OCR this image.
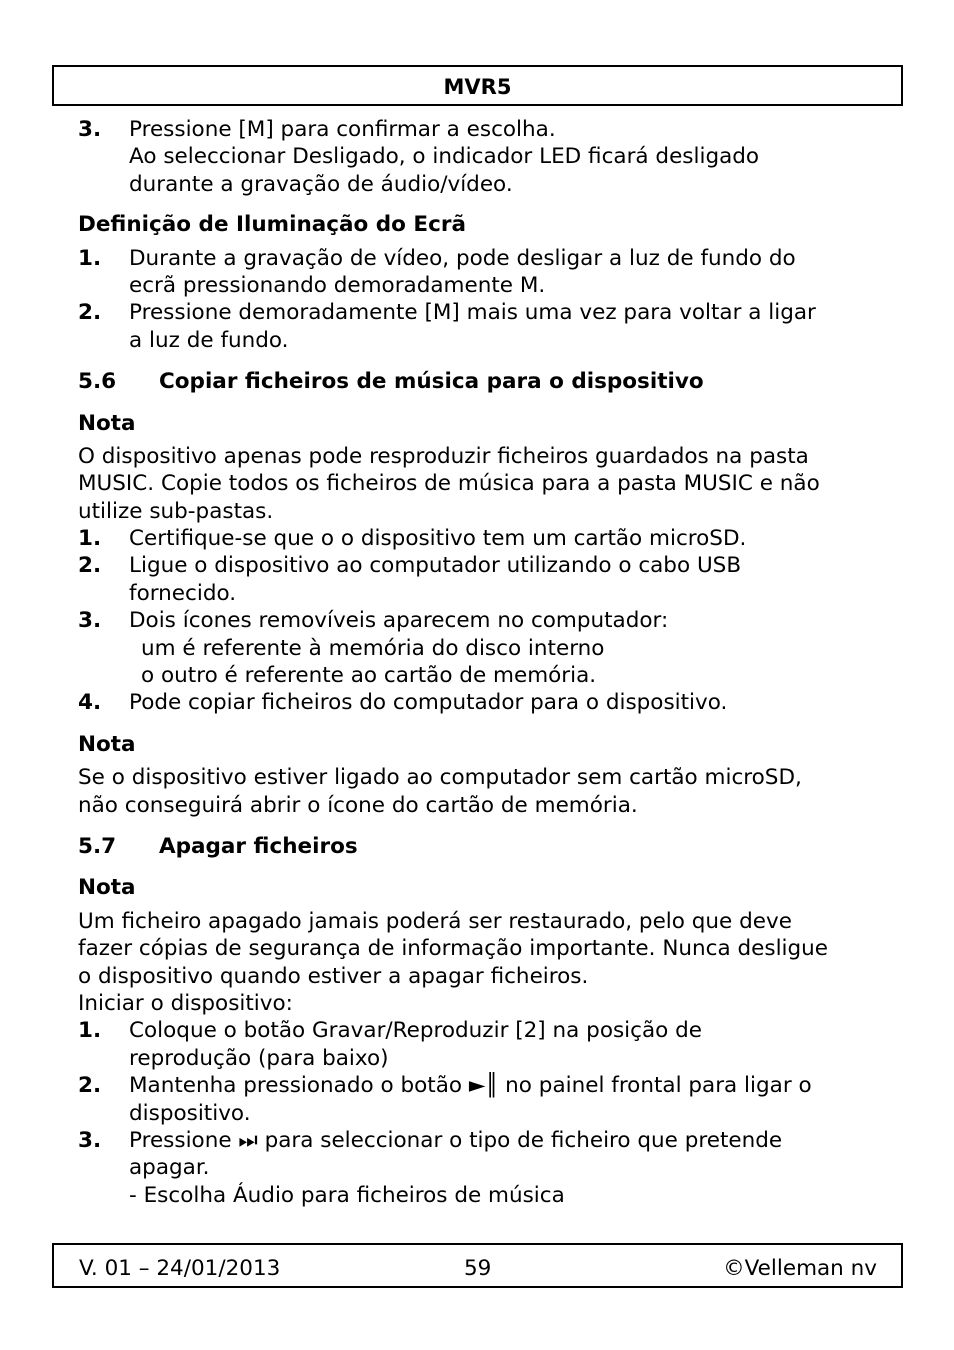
MVR5
3.	Pressione [M] para confirmar a escolha.
Ao seleccionar Desligado, o indicador LED ficará desligado
durante a gravação de áudio/vídeo.
Definição de Iluminação do Ecrã
1.	Durante a gravação de vídeo, pode desligar a luz de fundo do
ecrã pressionando demoradamente M.
2.	Pressione demoradamente [M] mais uma vez para voltar a ligar
a luz de fundo.
5.6	Copiar ficheiros de música para o dispositivo
Nota
O dispositivo apenas pode resproduzir ficheiros guardados na pasta
MUSIC. Copie todos os ficheiros de música para a pasta MUSIC e não
utilize sub-pastas.
1.	Certifique-se que o o dispositivo tem um cartão microSD.
2.	Ligue o dispositivo ao computador utilizando o cabo USB
fornecido.
3.	Dois ícones removíveis aparecem no computador:
um é referente à memória do disco interno
o outro é referente ao cartão de memória.
4.	Pode copiar ficheiros do computador para o dispositivo.
Nota
Se o dispositivo estiver ligado ao computador sem cartão microSD,
não conseguirá abrir o ícone do cartão de memória.
5.7	Apagar ficheiros
Nota
Um ficheiro apagado jamais poderá ser restaurado, pelo que deve
fazer cópias de segurança de informação importante. Nunca desligue
o dispositivo quando estiver a apagar ficheiros.
Iniciar o dispositivo:
1.	Coloque o botão Gravar/Reproduzir [2] na posição de
reprodução (para baixo)
2.	Mantenha pressionado o botão ►║ no painel frontal para ligar o
dispositivo.
3.	Pressione ⏭ para seleccionar o tipo de ficheiro que pretende
apagar.
- Escolha Áudio para ficheiros de música
V. 01 – 24/01/2013	59	©Velleman nv
